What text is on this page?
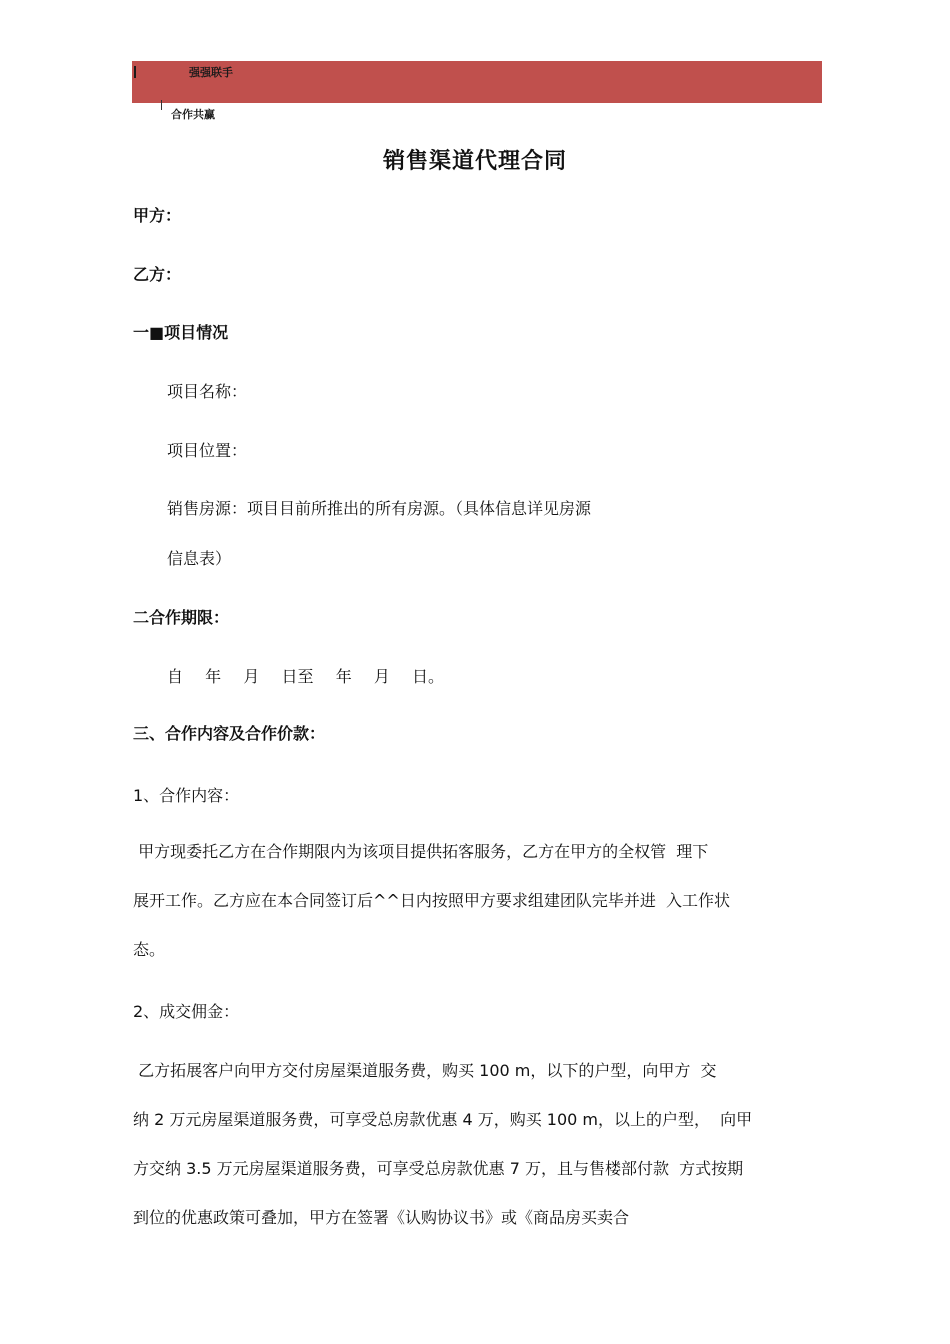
强强联手
合作共赢
销售渠道代理合同
甲方：
乙方：
一■项目情况
项目名称：
项目位置：
销售房源：项目目前所推出的所有房源。（具体信息详见房源
信息表）
二合作期限：
自  年  月  日至  年  月  日。
三、合作内容及合作价款：
1、合作内容：
甲方现委托乙方在合作期限内为该项目提供拓客服务，乙方在甲方的全权管  理下
展开工作。乙方应在本合同签订后^^日内按照甲方要求组建团队完毕并进  入工作状
态。
2、成交佣金：
乙方拓展客户向甲方交付房屋渠道服务费，购买 100 m，以下的户型，向甲方  交
纳 2 万元房屋渠道服务费，可享受总房款优惠 4 万，购买 100 m，以上的户型，  向甲
方交纳 3.5 万元房屋渠道服务费，可享受总房款优惠 7 万，且与售楼部付款  方式按期
到位的优惠政策可叠加，甲方在签署《认购协议书》或《商品房买卖合
